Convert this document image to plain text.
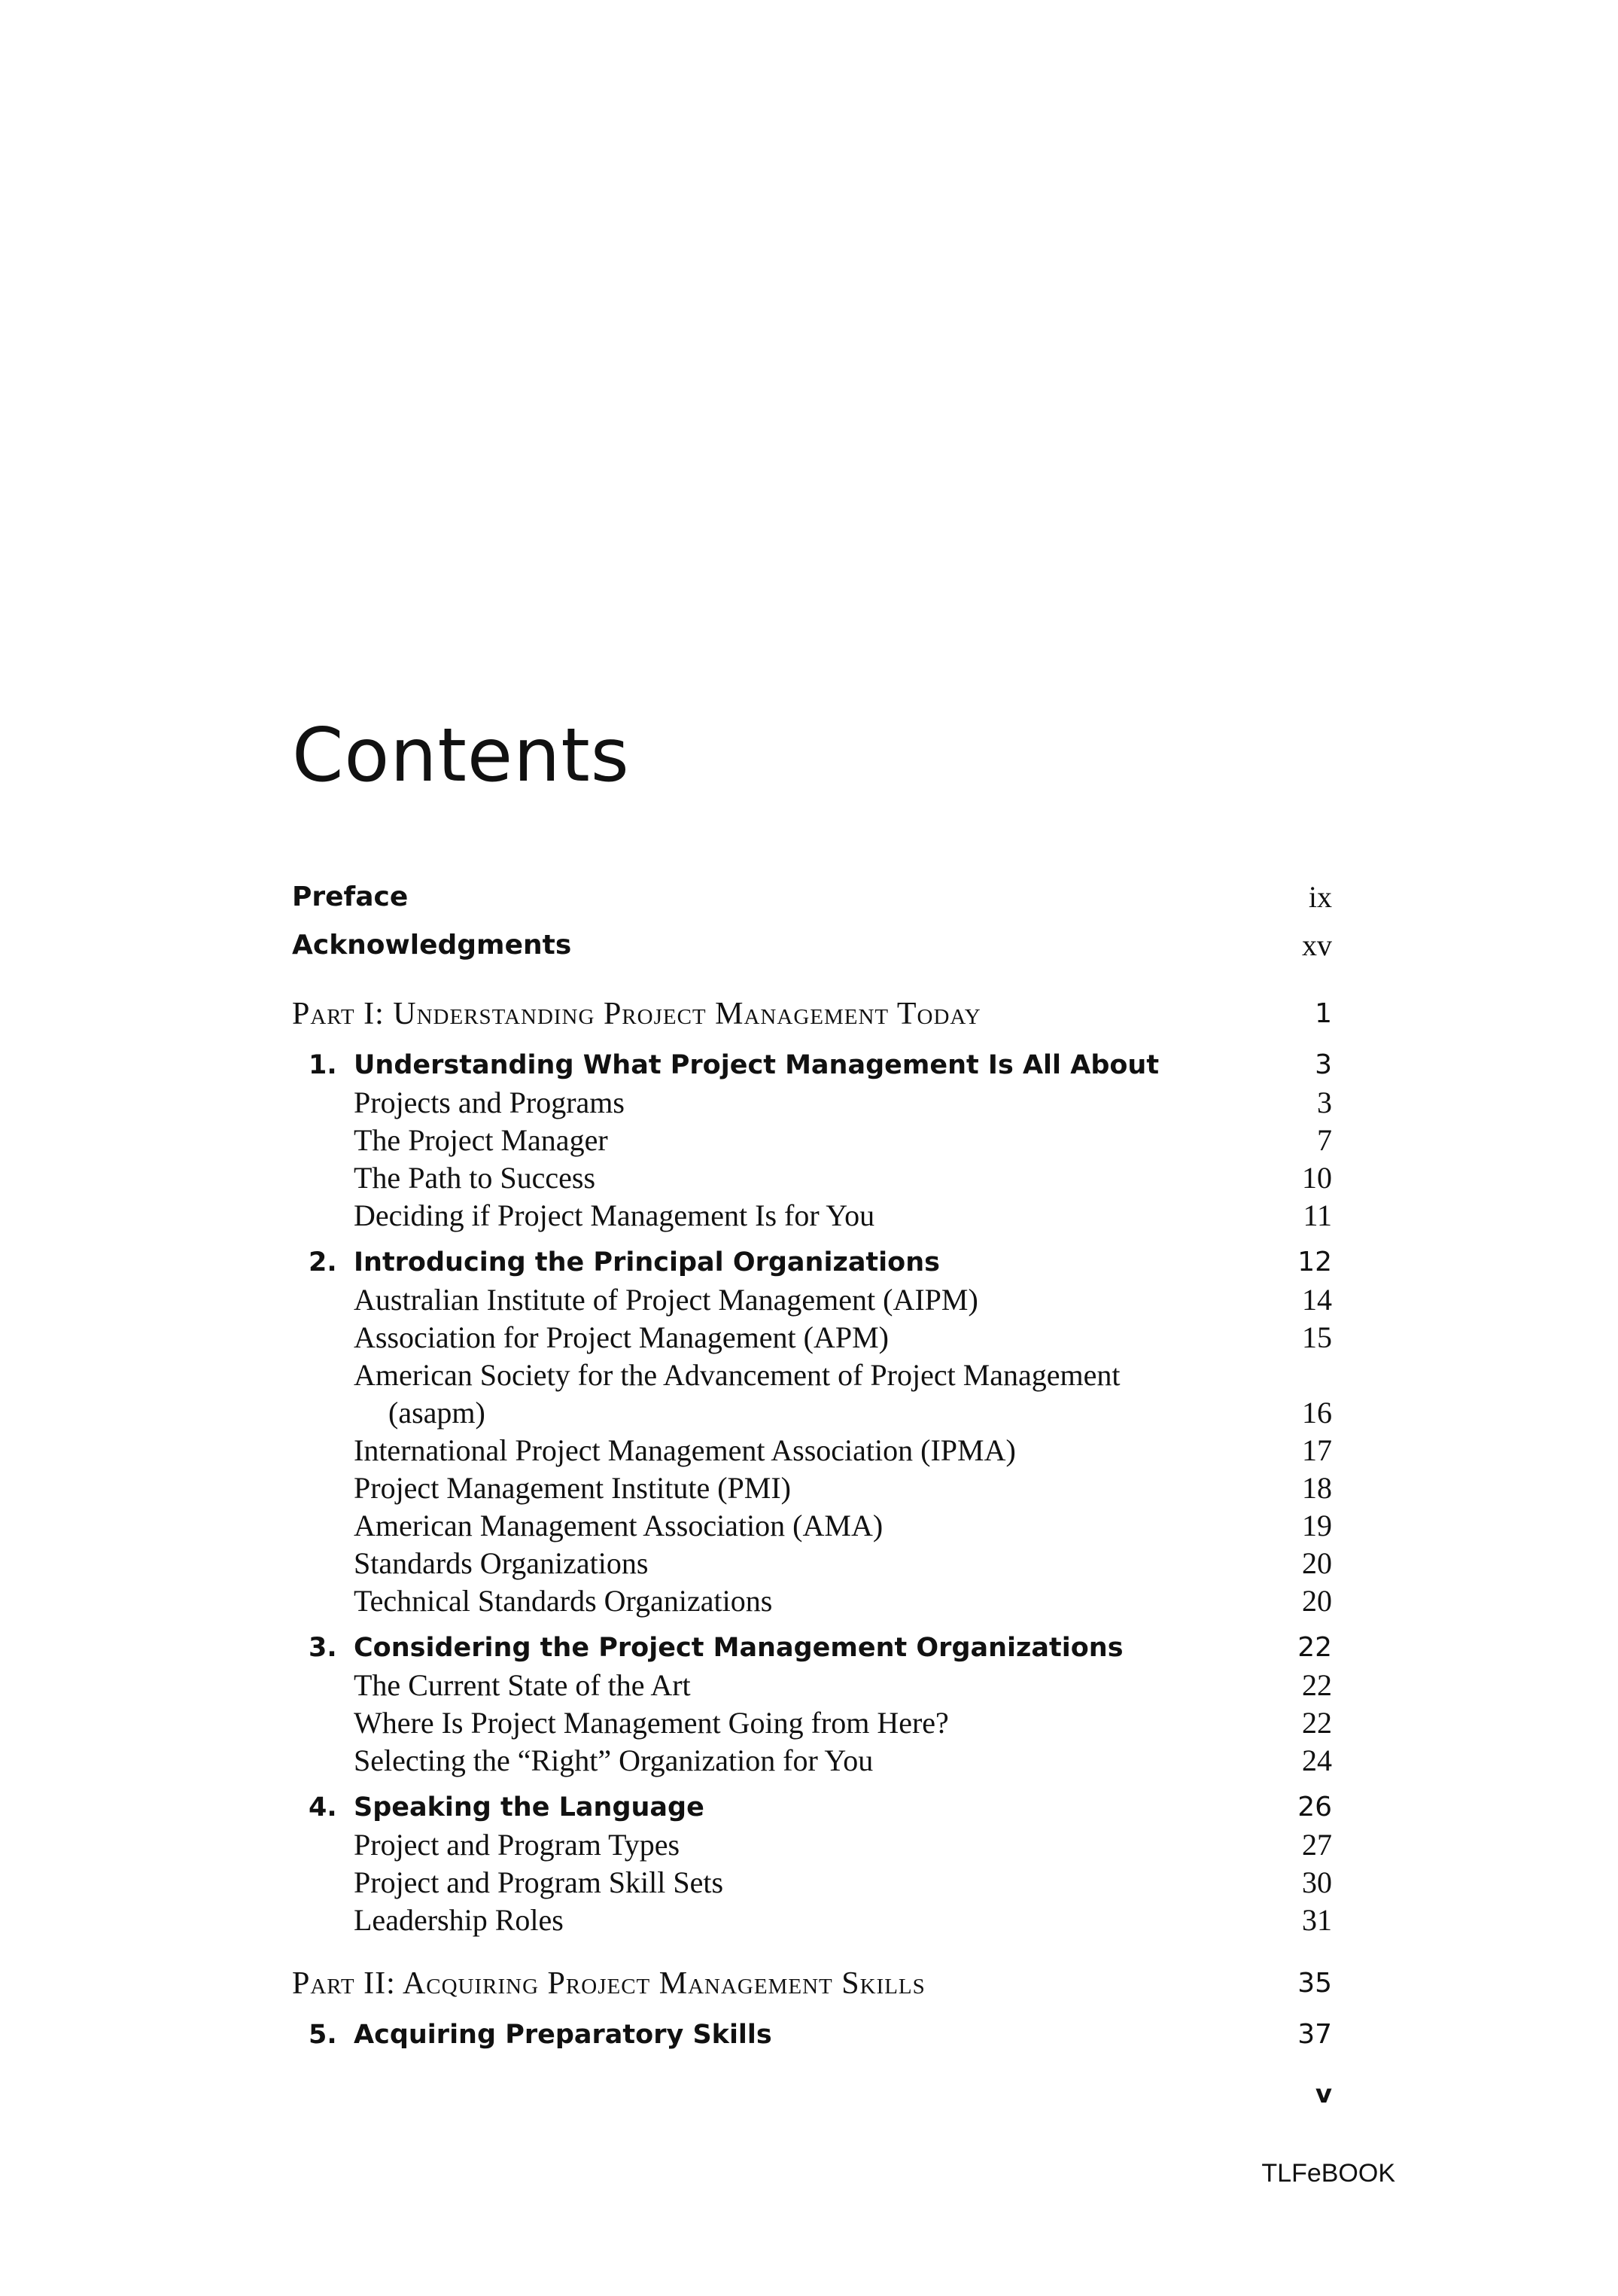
Contents
Preface	ix
Acknowledgments	xv
Part I: Understanding Project Management Today	1
1. Understanding What Project Management Is All About	3
Projects and Programs	3
The Project Manager	7
The Path to Success	10
Deciding if Project Management Is for You	11
2. Introducing the Principal Organizations	12
Australian Institute of Project Management (AIPM)	14
Association for Project Management (APM)	15
American Society for the Advancement of Project Management
(asapm)	16
International Project Management Association (IPMA)	17
Project Management Institute (PMI)	18
American Management Association (AMA)	19
Standards Organizations	20
Technical Standards Organizations	20
3. Considering the Project Management Organizations	22
The Current State of the Art	22
Where Is Project Management Going from Here?	22
Selecting the “Right” Organization for You	24
4. Speaking the Language	26
Project and Program Types	27
Project and Program Skill Sets	30
Leadership Roles	31
Part II: Acquiring Project Management Skills	35
5. Acquiring Preparatory Skills	37
v
TLFeBOOK
